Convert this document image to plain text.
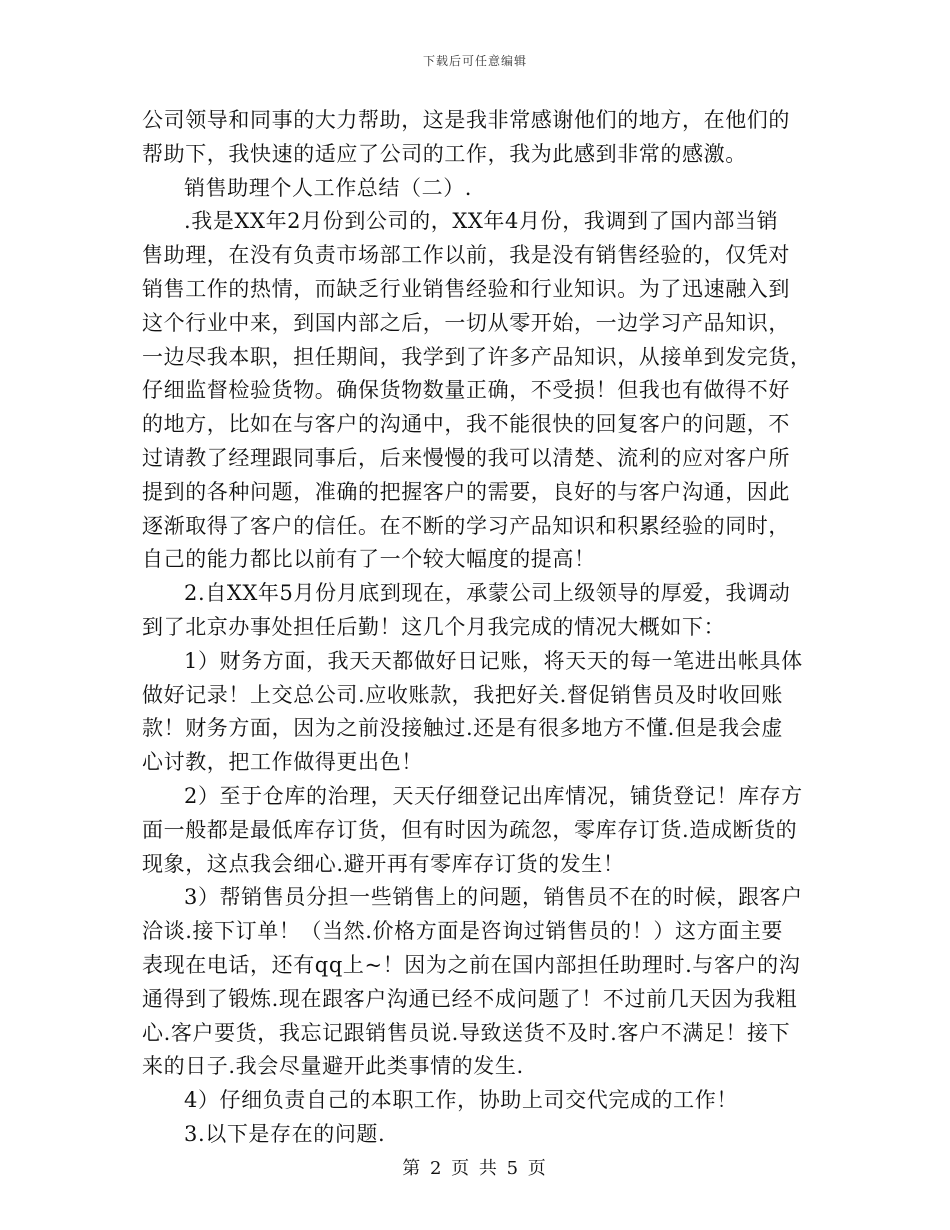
下载后可任意编辑
公司领导和同事的大力帮助，这是我非常感谢他们的地方，在他们的
帮助下，我快速的适应了公司的工作，我为此感到非常的感激。
销售助理个人工作总结（二）.
.我是XX年2月份到公司的，XX年4月份，我调到了国内部当销
售助理，在没有负责市场部工作以前，我是没有销售经验的，仅凭对
销售工作的热情，而缺乏行业销售经验和行业知识。为了迅速融入到
这个行业中来，到国内部之后，一切从零开始，一边学习产品知识，
一边尽我本职，担任期间，我学到了许多产品知识，从接单到发完货，
仔细监督检验货物。确保货物数量正确，不受损！但我也有做得不好
的地方，比如在与客户的沟通中，我不能很快的回复客户的问题，不
过请教了经理跟同事后，后来慢慢的我可以清楚、流利的应对客户所
提到的各种问题，准确的把握客户的需要，良好的与客户沟通，因此
逐渐取得了客户的信任。在不断的学习产品知识和积累经验的同时，
自己的能力都比以前有了一个较大幅度的提高！
2.自XX年5月份月底到现在，承蒙公司上级领导的厚爱，我调动
到了北京办事处担任后勤！这几个月我完成的情况大概如下：
1）财务方面，我天天都做好日记账，将天天的每一笔进出帐具体
做好记录！上交总公司.应收账款，我把好关.督促销售员及时收回账
款！财务方面，因为之前没接触过.还是有很多地方不懂.但是我会虚
心讨教，把工作做得更出色！
2）至于仓库的治理，天天仔细登记出库情况，铺货登记！库存方
面一般都是最低库存订货，但有时因为疏忽，零库存订货.造成断货的
现象，这点我会细心.避开再有零库存订货的发生！
3）帮销售员分担一些销售上的问题，销售员不在的时候，跟客户
洽谈.接下订单！（当然.价格方面是咨询过销售员的！）这方面主要
表现在电话，还有qq上~！因为之前在国内部担任助理时.与客户的沟
通得到了锻炼.现在跟客户沟通已经不成问题了！不过前几天因为我粗
心.客户要货，我忘记跟销售员说.导致送货不及时.客户不满足！接下
来的日子.我会尽量避开此类事情的发生.
4）仔细负责自己的本职工作，协助上司交代完成的工作！
3.以下是存在的问题.
第 2 页 共 5 页
